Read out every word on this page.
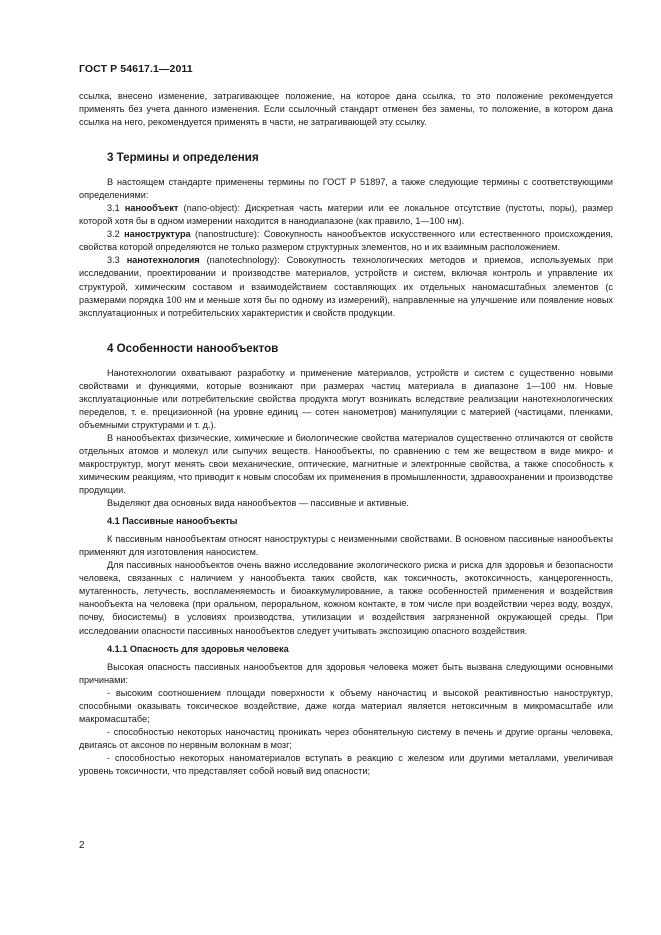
ГОСТ Р 54617.1—2011

ссылка, внесено изменение, затрагивающее положение, на которое дана ссылка, то это положение рекомендуется применять без учета данного изменения. Если ссылочный стандарт отменен без замены, то положение, в котором дана ссылка на него, рекомендуется применять в части, не затрагивающей эту ссылку.

3 Термины и определения

В настоящем стандарте применены термины по ГОСТ Р 51897, а также следующие термины с соответствующими определениями:

3.1 нанообъект (nano-object): Дискретная часть материи или ее локальное отсутствие (пустоты, поры), размер которой хотя бы в одном измерении находится в нанодиапазоне (как правило, 1—100 нм).

3.2 наноструктура (nanostructure): Совокупность нанообъектов искусственного или естественного происхождения, свойства которой определяются не только размером структурных элементов, но и их взаимным расположением.

3.3 нанотехнология (nanotechnology): Совокупность технологических методов и приемов, используемых при исследовании, проектировании и производстве материалов, устройств и систем, включая контроль и управление их структурой, химическим составом и взаимодействием составляющих их отдельных наномасштабных элементов (с размерами порядка 100 нм и меньше хотя бы по одному из измерений), направленные на улучшение или появление новых эксплуатационных и потребительских характеристик и свойств продукции.

4 Особенности нанообъектов

Нанотехнологии охватывают разработку и применение материалов, устройств и систем с существенно новыми свойствами и функциями, которые возникают при размерах частиц материала в диапазоне 1—100 нм. Новые эксплуатационные или потребительские свойства продукта могут возникать вследствие реализации нанотехнологических переделов, т. е. прецизионной (на уровне единиц — сотен нанометров) манипуляции с материей (частицами, пленками, объемными структурами и т. д.).

В нанообъектах физические, химические и биологические свойства материалов существенно отличаются от свойств отдельных атомов и молекул или сыпучих веществ. Нанообъекты, по сравнению с тем же веществом в виде микро- и макроструктур, могут менять свои механические, оптические, магнитные и электронные свойства, а также способность к химическим реакциям, что приводит к новым способам их применения в промышленности, здравоохранении и производстве продукции.

Выделяют два основных вида нанообъектов — пассивные и активные.

4.1 Пассивные нанообъекты

К пассивным нанообъектам относят наноструктуры с неизменными свойствами. В основном пассивные нанообъекты применяют для изготовления наносистем.

Для пассивных нанообъектов очень важно исследование экологического риска и риска для здоровья и безопасности человека, связанных с наличием у нанообъекта таких свойств, как токсичность, экотоксичность, канцерогенность, мутагенность, летучесть, воспламеняемость и биоаккумулирование, а также особенностей применения и воздействия нанообъекта на человека (при оральном, пероральном, кожном контакте, в том числе при воздействии через воду, воздух, почву, биосистемы) в условиях производства, утилизации и воздействия загрязненной окружающей среды. При исследовании опасности пассивных нанообъектов следует учитывать экспозицию опасного воздействия.

4.1.1 Опасность для здоровья человека

Высокая опасность пассивных нанообъектов для здоровья человека может быть вызвана следующими основными причинами:

- высоким соотношением площади поверхности к объему наночастиц и высокой реактивностью наноструктур, способными оказывать токсическое воздействие, даже когда материал является нетоксичным в микромасштабе или макромасштабе;

- способностью некоторых наночастиц проникать через обонятельную систему в печень и другие органы человека, двигаясь от аксонов по нервным волокнам в мозг;

- способностью некоторых наноматериалов вступать в реакцию с железом или другими металлами, увеличивая уровень токсичности, что представляет собой новый вид опасности;

2
